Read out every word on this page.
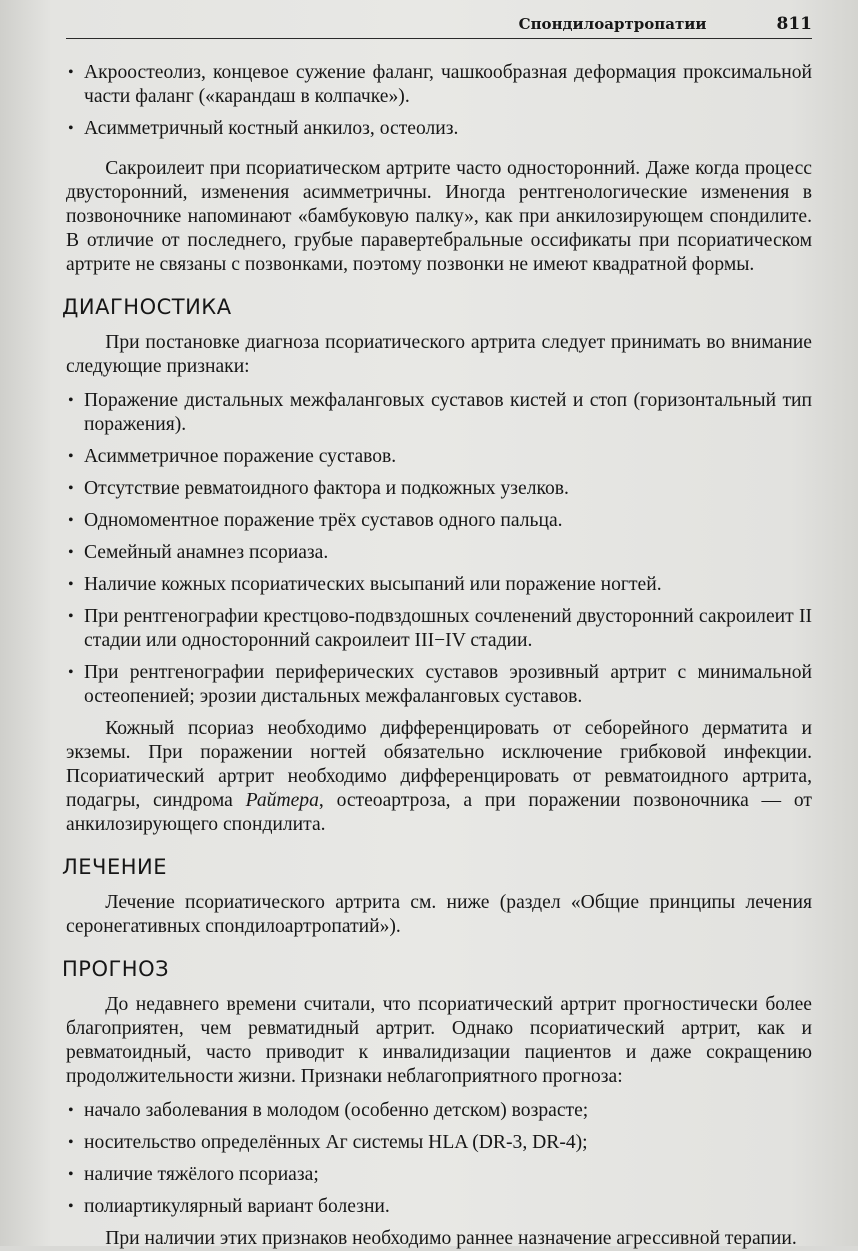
Спондилоартропатии	811
• Акроостеолиз, концевое сужение фаланг, чашкообразная деформация проксимальной части фаланг («карандаш в колпачке»).
• Асимметричный костный анкилоз, остеолиз.

Сакроилеит при псориатическом артрите часто односторонний. Даже когда процесс двусторонний, изменения асимметричны. Иногда рентгенологические изменения в позвоночнике напоминают «бамбуковую палку», как при анкилозирующем спондилите. В отличие от последнего, грубые паравертебральные оссификаты при псориатическом артрите не связаны с позвонками, поэтому позвонки не имеют квадратной формы.

ДИАГНОСТИКА

При постановке диагноза псориатического артрита следует принимать во внимание следующие признаки:

• Поражение дистальных межфаланговых суставов кистей и стоп (горизонтальный тип поражения).
• Асимметричное поражение суставов.
• Отсутствие ревматоидного фактора и подкожных узелков.
• Одномоментное поражение трёх суставов одного пальца.
• Семейный анамнез псориаза.
• Наличие кожных псориатических высыпаний или поражение ногтей.
• При рентгенографии крестцово-подвздошных сочленений двусторонний сакроилеит II стадии или односторонний сакроилеит III−IV стадии.
• При рентгенографии периферических суставов эрозивный артрит с минимальной остеопенией; эрозии дистальных межфаланговых суставов.

Кожный псориаз необходимо дифференцировать от себорейного дерматита и экземы. При поражении ногтей обязательно исключение грибковой инфекции. Псориатический артрит необходимо дифференцировать от ревматоидного артрита, подагры, синдрома Райтера, остеоартроза, а при поражении позвоночника — от анкилозирующего спондилита.

ЛЕЧЕНИЕ

Лечение псориатического артрита см. ниже (раздел «Общие принципы лечения серонегативных спондилоартропатий»).

ПРОГНОЗ

До недавнего времени считали, что псориатический артрит прогностически более благоприятен, чем ревматидный артрит. Однако псориатический артрит, как и ревматоидный, часто приводит к инвалидизации пациентов и даже сокращению продолжительности жизни. Признаки неблагоприятного прогноза:

• начало заболевания в молодом (особенно детском) возрасте;
• носительство определённых Аг системы HLA (DR-3, DR-4);
• наличие тяжёлого псориаза;
• полиартикулярный вариант болезни.

При наличии этих признаков необходимо раннее назначение агрессивной терапии.
